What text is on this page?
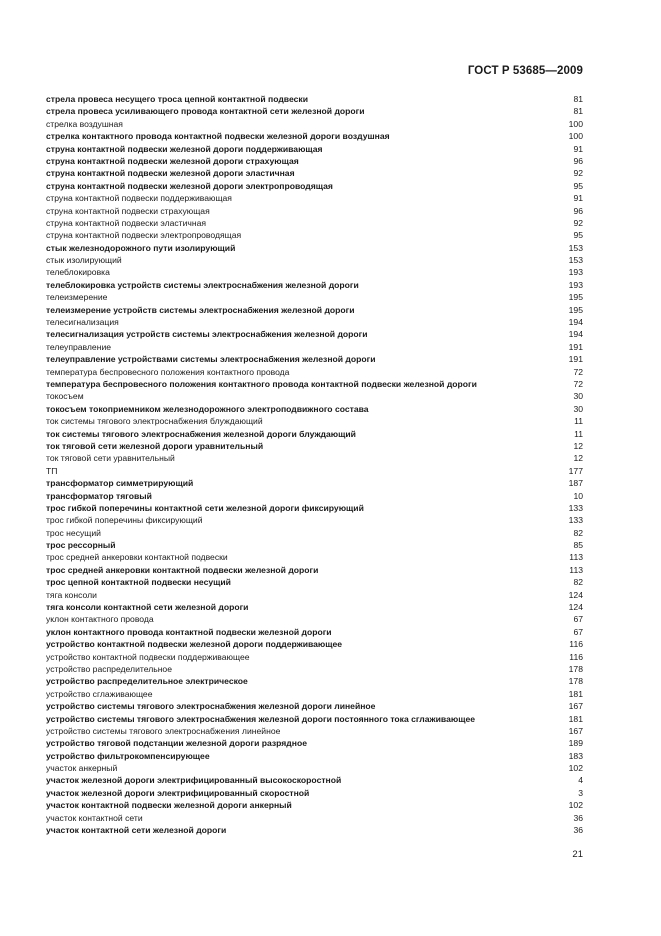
ГОСТ Р 53685—2009
стрела провеса несущего троса цепной контактной подвески	81
стрела провеса усиливающего провода контактной сети железной дороги	81
стрелка воздушная	100
стрелка контактного провода контактной подвески железной дороги воздушная	100
струна контактной подвески железной дороги поддерживающая	91
струна контактной подвески железной дороги страхующая	96
струна контактной подвески железной дороги эластичная	92
струна контактной подвески железной дороги электропроводящая	95
струна контактной подвески поддерживающая	91
струна контактной подвески страхующая	96
струна контактной подвески эластичная	92
струна контактной подвески электропроводящая	95
стык железнодорожного пути изолирующий	153
стык изолирующий	153
телеблокировка	193
телеблокировка устройств системы электроснабжения железной дороги	193
телеизмерение	195
телеизмерение устройств системы электроснабжения железной дороги	195
телесигнализация	194
телесигнализация устройств системы электроснабжения железной дороги	194
телеуправление	191
телеуправление устройствами системы электроснабжения железной дороги	191
температура беспровесного положения контактного провода	72
температура беспровесного положения контактного провода контактной подвески железной дороги	72
токосъем	30
токосъем токоприемником железнодорожного электроподвижного состава	30
ток системы тягового электроснабжения блуждающий	11
ток системы тягового электроснабжения железной дороги блуждающий	11
ток тяговой сети железной дороги уравнительный	12
ток тяговой сети уравнительный	12
ТП	177
трансформатор симметрирующий	187
трансформатор тяговый	10
трос гибкой поперечины контактной сети железной дороги фиксирующий	133
трос гибкой поперечины фиксирующий	133
трос несущий	82
трос рессорный	85
трос средней анкеровки контактной подвески	113
трос средней анкеровки контактной подвески железной дороги	113
трос цепной контактной подвески несущий	82
тяга консоли	124
тяга консоли контактной сети железной дороги	124
уклон контактного провода	67
уклон контактного провода контактной подвески железной дороги	67
устройство контактной подвески железной дороги поддерживающее	116
устройство контактной подвески поддерживающее	116
устройство распределительное	178
устройство распределительное электрическое	178
устройство сглаживающее	181
устройство системы тягового электроснабжения железной дороги линейное	167
устройство системы тягового электроснабжения железной дороги постоянного тока сглаживающее	181
устройство системы тягового электроснабжения линейное	167
устройство тяговой подстанции железной дороги разрядное	189
устройство фильтрокомпенсирующее	183
участок анкерный	102
участок железной дороги электрифицированный высокоскоростной	4
участок железной дороги электрифицированный скоростной	3
участок контактной подвески железной дороги анкерный	102
участок контактной сети	36
участок контактной сети железной дороги	36
21
